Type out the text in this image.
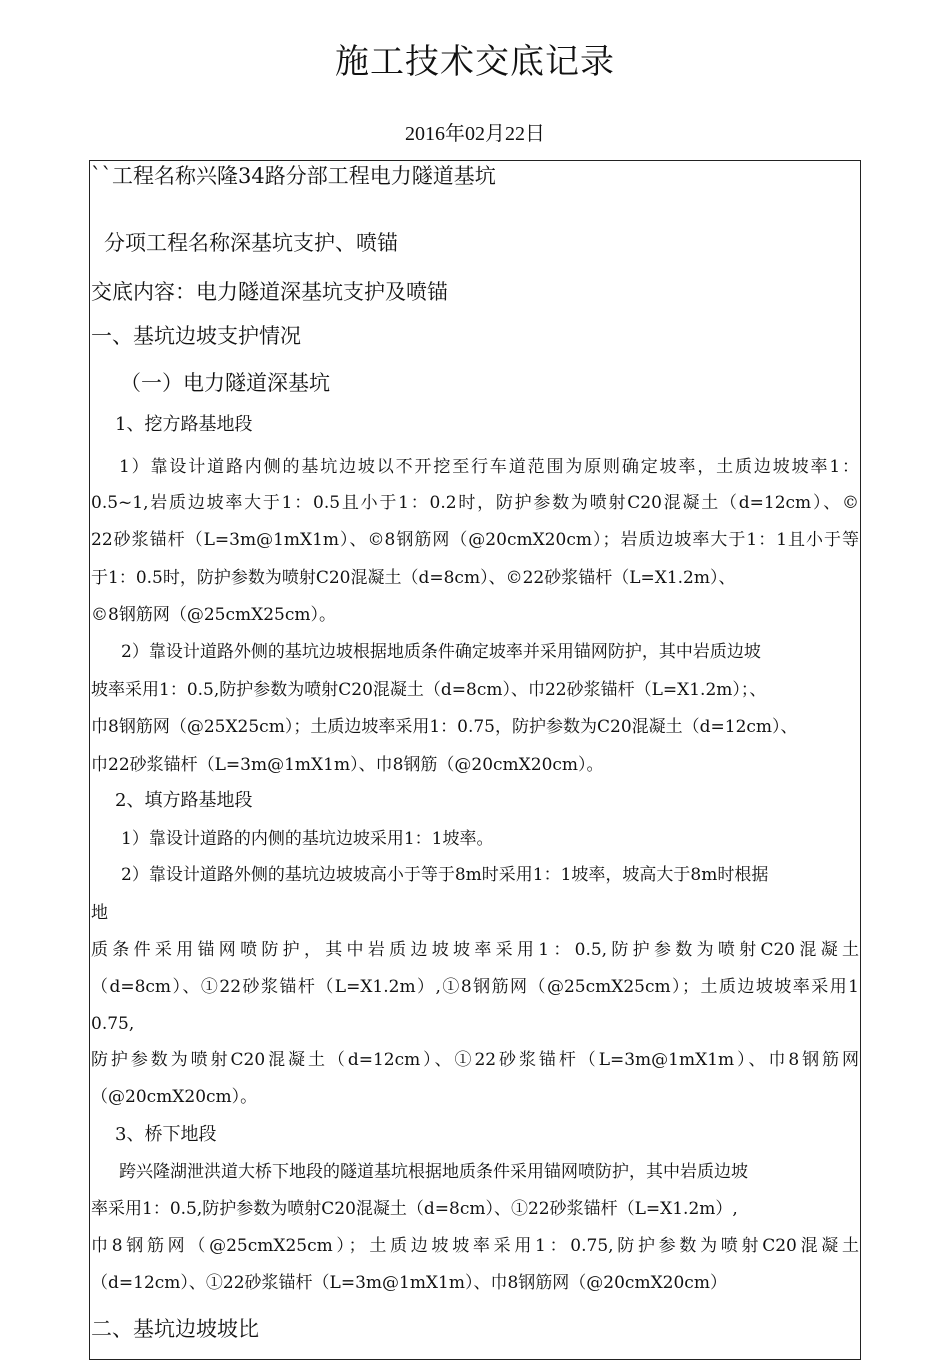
施工技术交底记录
2016年02月22日
``工程名称兴隆34路分部工程电力隧道基坑
分项工程名称深基坑支护、喷锚
交底内容：电力隧道深基坑支护及喷锚
一、基坑边坡支护情况
（一）电力隧道深基坑
1、挖方路基地段
1）靠设计道路内侧的基坑边坡以不开挖至行车道范围为原则确定坡率，土质边坡坡率1：
0.5~1,岩质边坡率大于1：0.5且小于1：0.2时，防护参数为喷射C20混凝土（d=12cm）、©
22砂浆锚杆（L=3m@1mX1m）、©8钢筋网（@20cmX20cm）；岩质边坡率大于1：1且小于等
于1：0.5时，防护参数为喷射C20混凝土（d=8cm）、©22砂浆锚杆（L=X1.2m）、
©8钢筋网（@25cmX25cm）。
2）靠设计道路外侧的基坑边坡根据地质条件确定坡率并采用锚网防护，其中岩质边坡
坡率采用1：0.5,防护参数为喷射C20混凝土（d=8cm）、巾22砂浆锚杆（L=X1.2m）；、
巾8钢筋网（@25X25cm）；土质边坡率采用1：0.75，防护参数为C20混凝土（d=12cm）、
巾22砂浆锚杆（L=3m@1mX1m）、巾8钢筋（@20cmX20cm）。
2、填方路基地段
1）靠设计道路的内侧的基坑边坡采用1：1坡率。
2）靠设计道路外侧的基坑边坡坡高小于等于8m时采用1：1坡率，坡高大于8m时根据
地
质条件采用锚网喷防护，其中岩质边坡坡率采用1：0.5,防护参数为喷射C20混凝土
（d=8cm）、①22砂浆锚杆（L=X1.2m）,①8钢筋网（@25cmX25cm）；土质边坡坡率采用1
0.75,
防护参数为喷射C20混凝土（d=12cm）、①22砂浆锚杆（L=3m@1mX1m）、巾8钢筋网
（@20cmX20cm）。
3、桥下地段
跨兴隆湖泄洪道大桥下地段的隧道基坑根据地质条件采用锚网喷防护，其中岩质边坡
率采用1：0.5,防护参数为喷射C20混凝土（d=8cm）、①22砂浆锚杆（L=X1.2m）,
巾8钢筋网（@25cmX25cm）；土质边坡坡率采用1：0.75,防护参数为喷射C20混凝土
（d=12cm）、①22砂浆锚杆（L=3m@1mX1m）、巾8钢筋网（@20cmX20cm）
二、基坑边坡坡比
